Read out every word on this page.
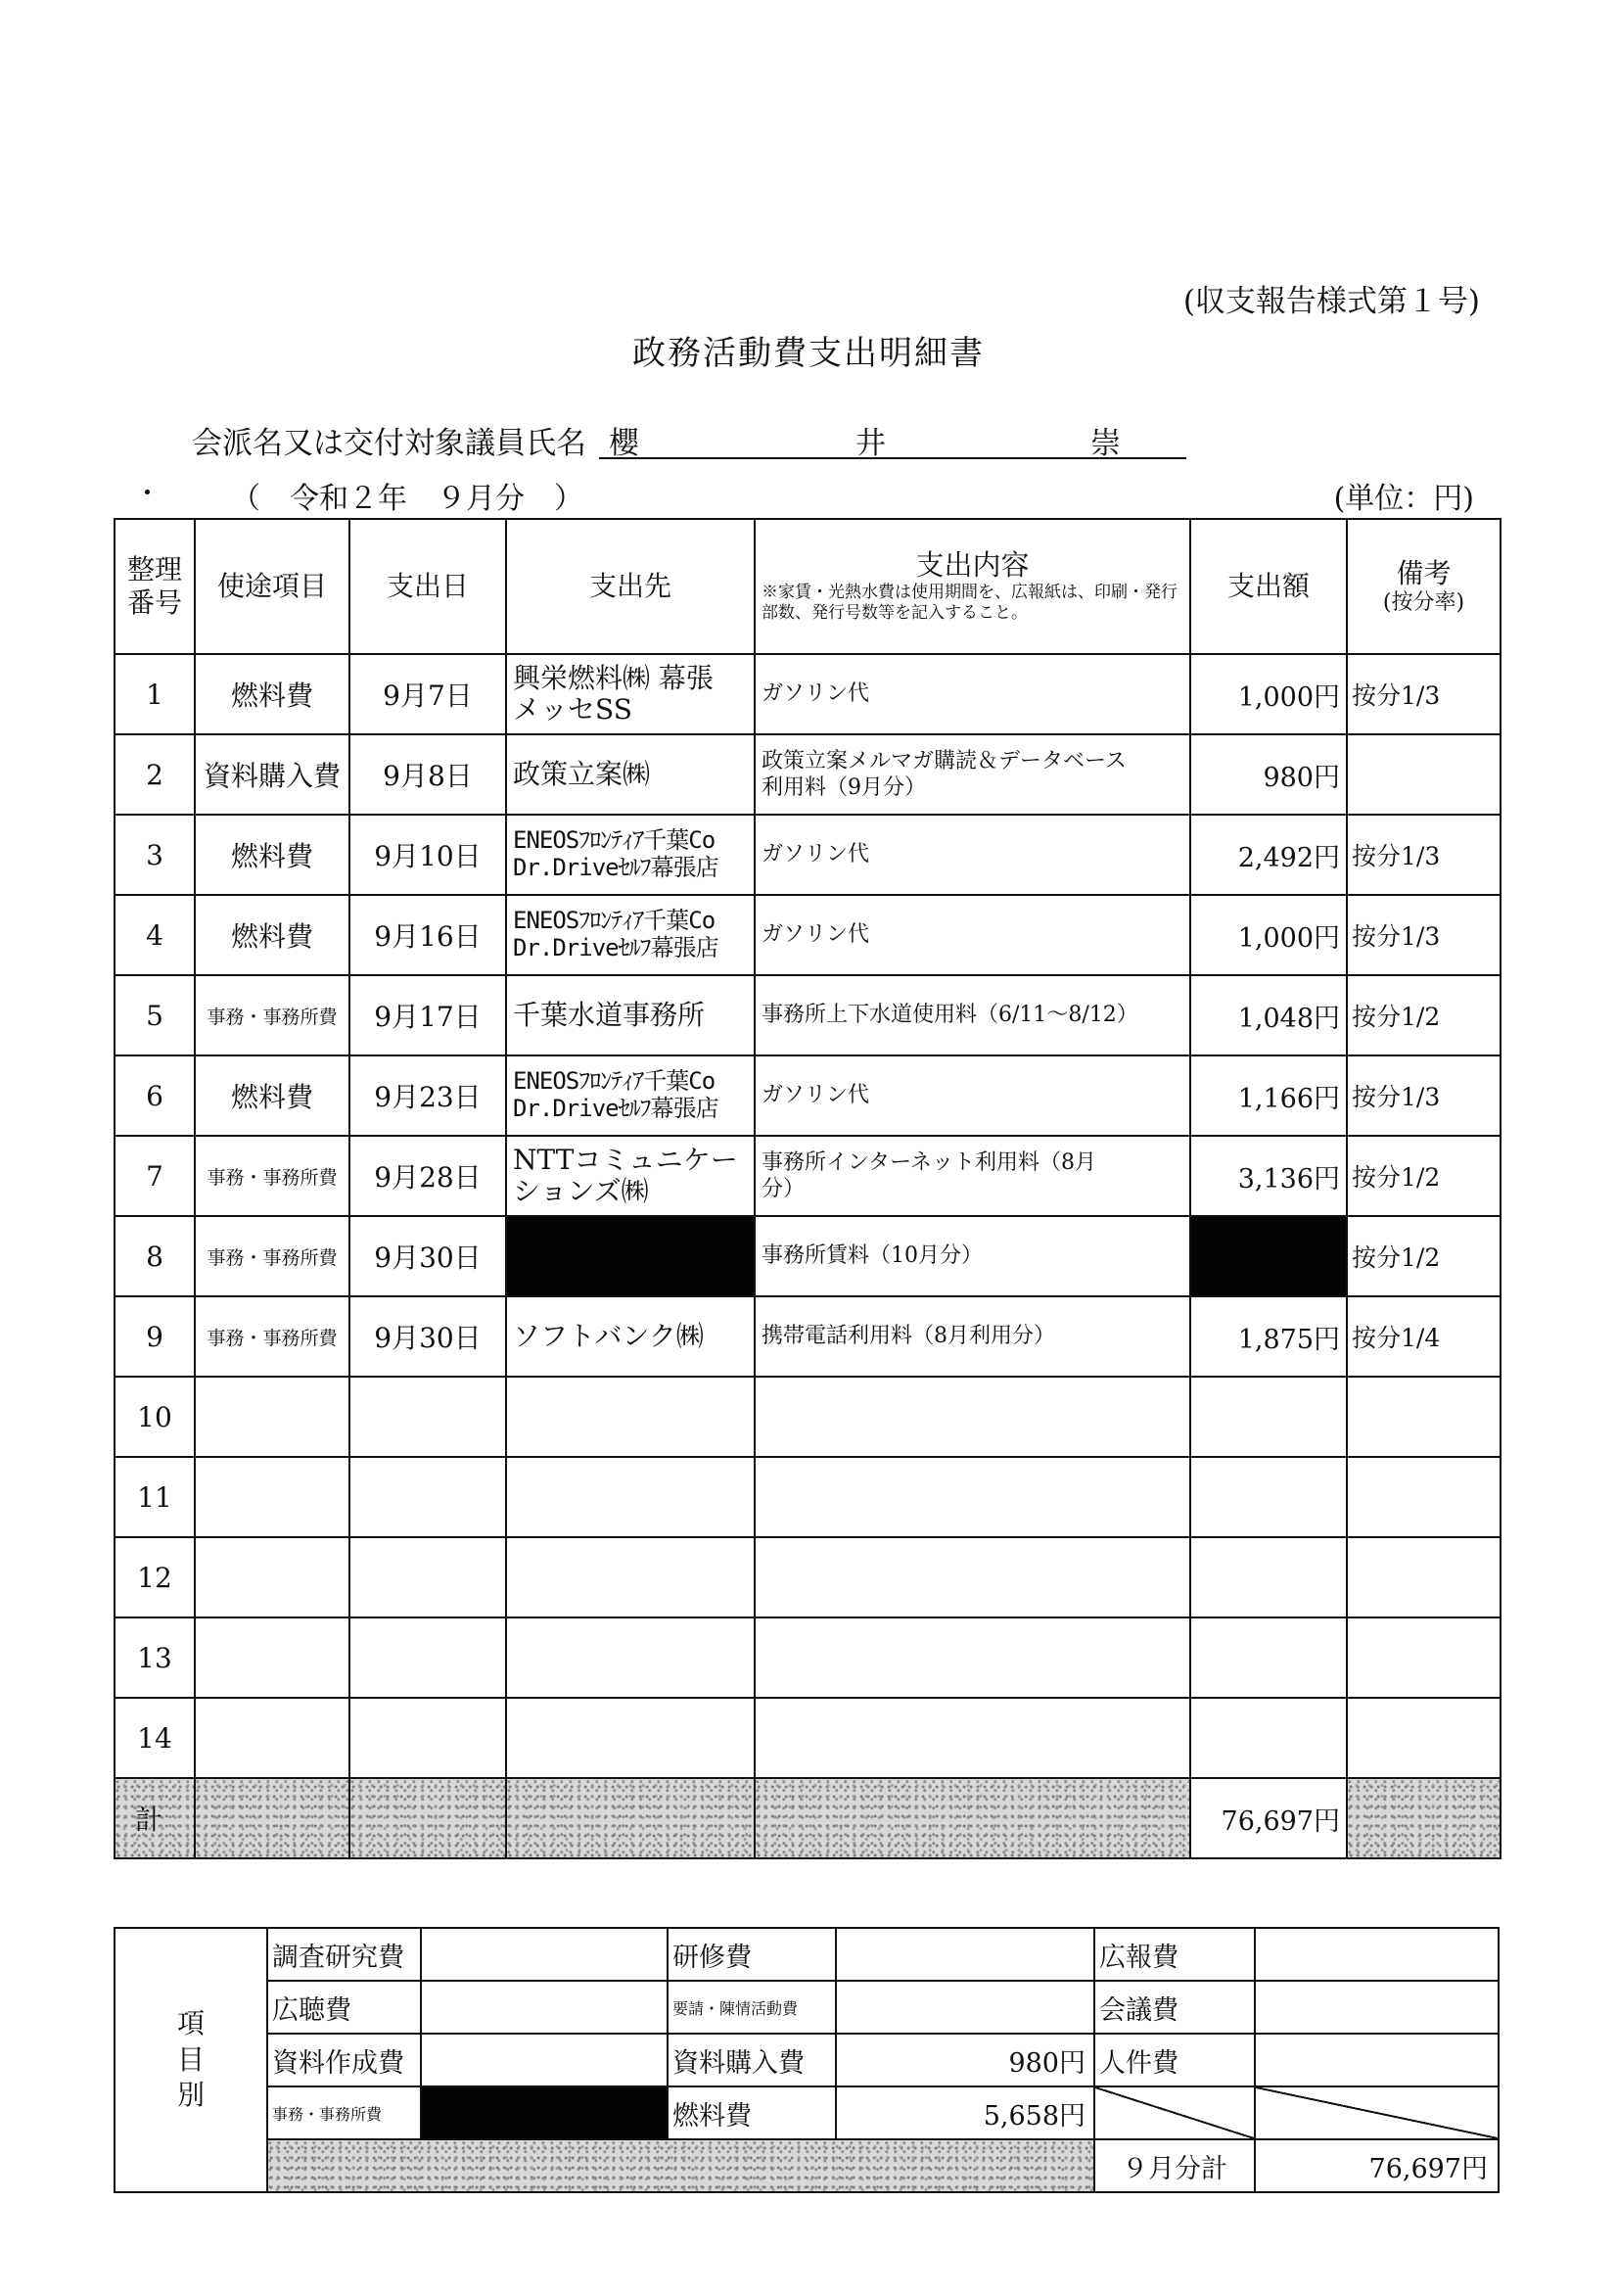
(収支報告様式第１号)
政務活動費支出明細書
会派名又は交付対象議員氏名 櫻	井	崇
（　令和２年　９月分　）	(単位：円)
整理
番号	使途項目	支出日	支出先	支出内容
※家賃・光熱水費は使用期間を、広報紙は、印刷・発行部数、発行号数等を記入すること。	支出額	備考

(按分率)

1	燃料費	9月7日	興栄燃料㈱ 幕張
メッセSS	ガソリン代	1,000円	按分1/3
2	資料購入費	9月8日	政策立案㈱	政策立案メルマガ購読＆データベース
利用料（9月分）	980円	
3	燃料費	9月10日	ENEOSﾌﾛﾝﾃｨｱ千葉Co
Dr.Driveｾﾙﾌ幕張店	ガソリン代	2,492円	按分1/3
4	燃料費	9月16日	ENEOSﾌﾛﾝﾃｨｱ千葉Co
Dr.Driveｾﾙﾌ幕張店	ガソリン代	1,000円	按分1/3
5	事務・事務所費	9月17日	千葉水道事務所	事務所上下水道使用料（6/11～8/12）	1,048円	按分1/2
6	燃料費	9月23日	ENEOSﾌﾛﾝﾃｨｱ千葉Co
Dr.Driveｾﾙﾌ幕張店	ガソリン代	1,166円	按分1/3
7	事務・事務所費	9月28日	NTTコミュニケー
ションズ㈱	事務所インターネット利用料（8月
分）	3,136円	按分1/2
8	事務・事務所費	9月30日		事務所賃料（10月分）		按分1/2
9	事務・事務所費	9月30日	ソフトバンク㈱	携帯電話利用料（8月利用分）	1,875円	按分1/4
10						
11						
12						
13						
14						
計					76,697円	
項
目
別	調査研究費		研修費		広報費	
	広聴費		要請・陳情活動費		会議費	
	資料作成費		資料購入費	980円	人件費	
	事務・事務所費		燃料費	5,658円		
					９月分計	76,697円
